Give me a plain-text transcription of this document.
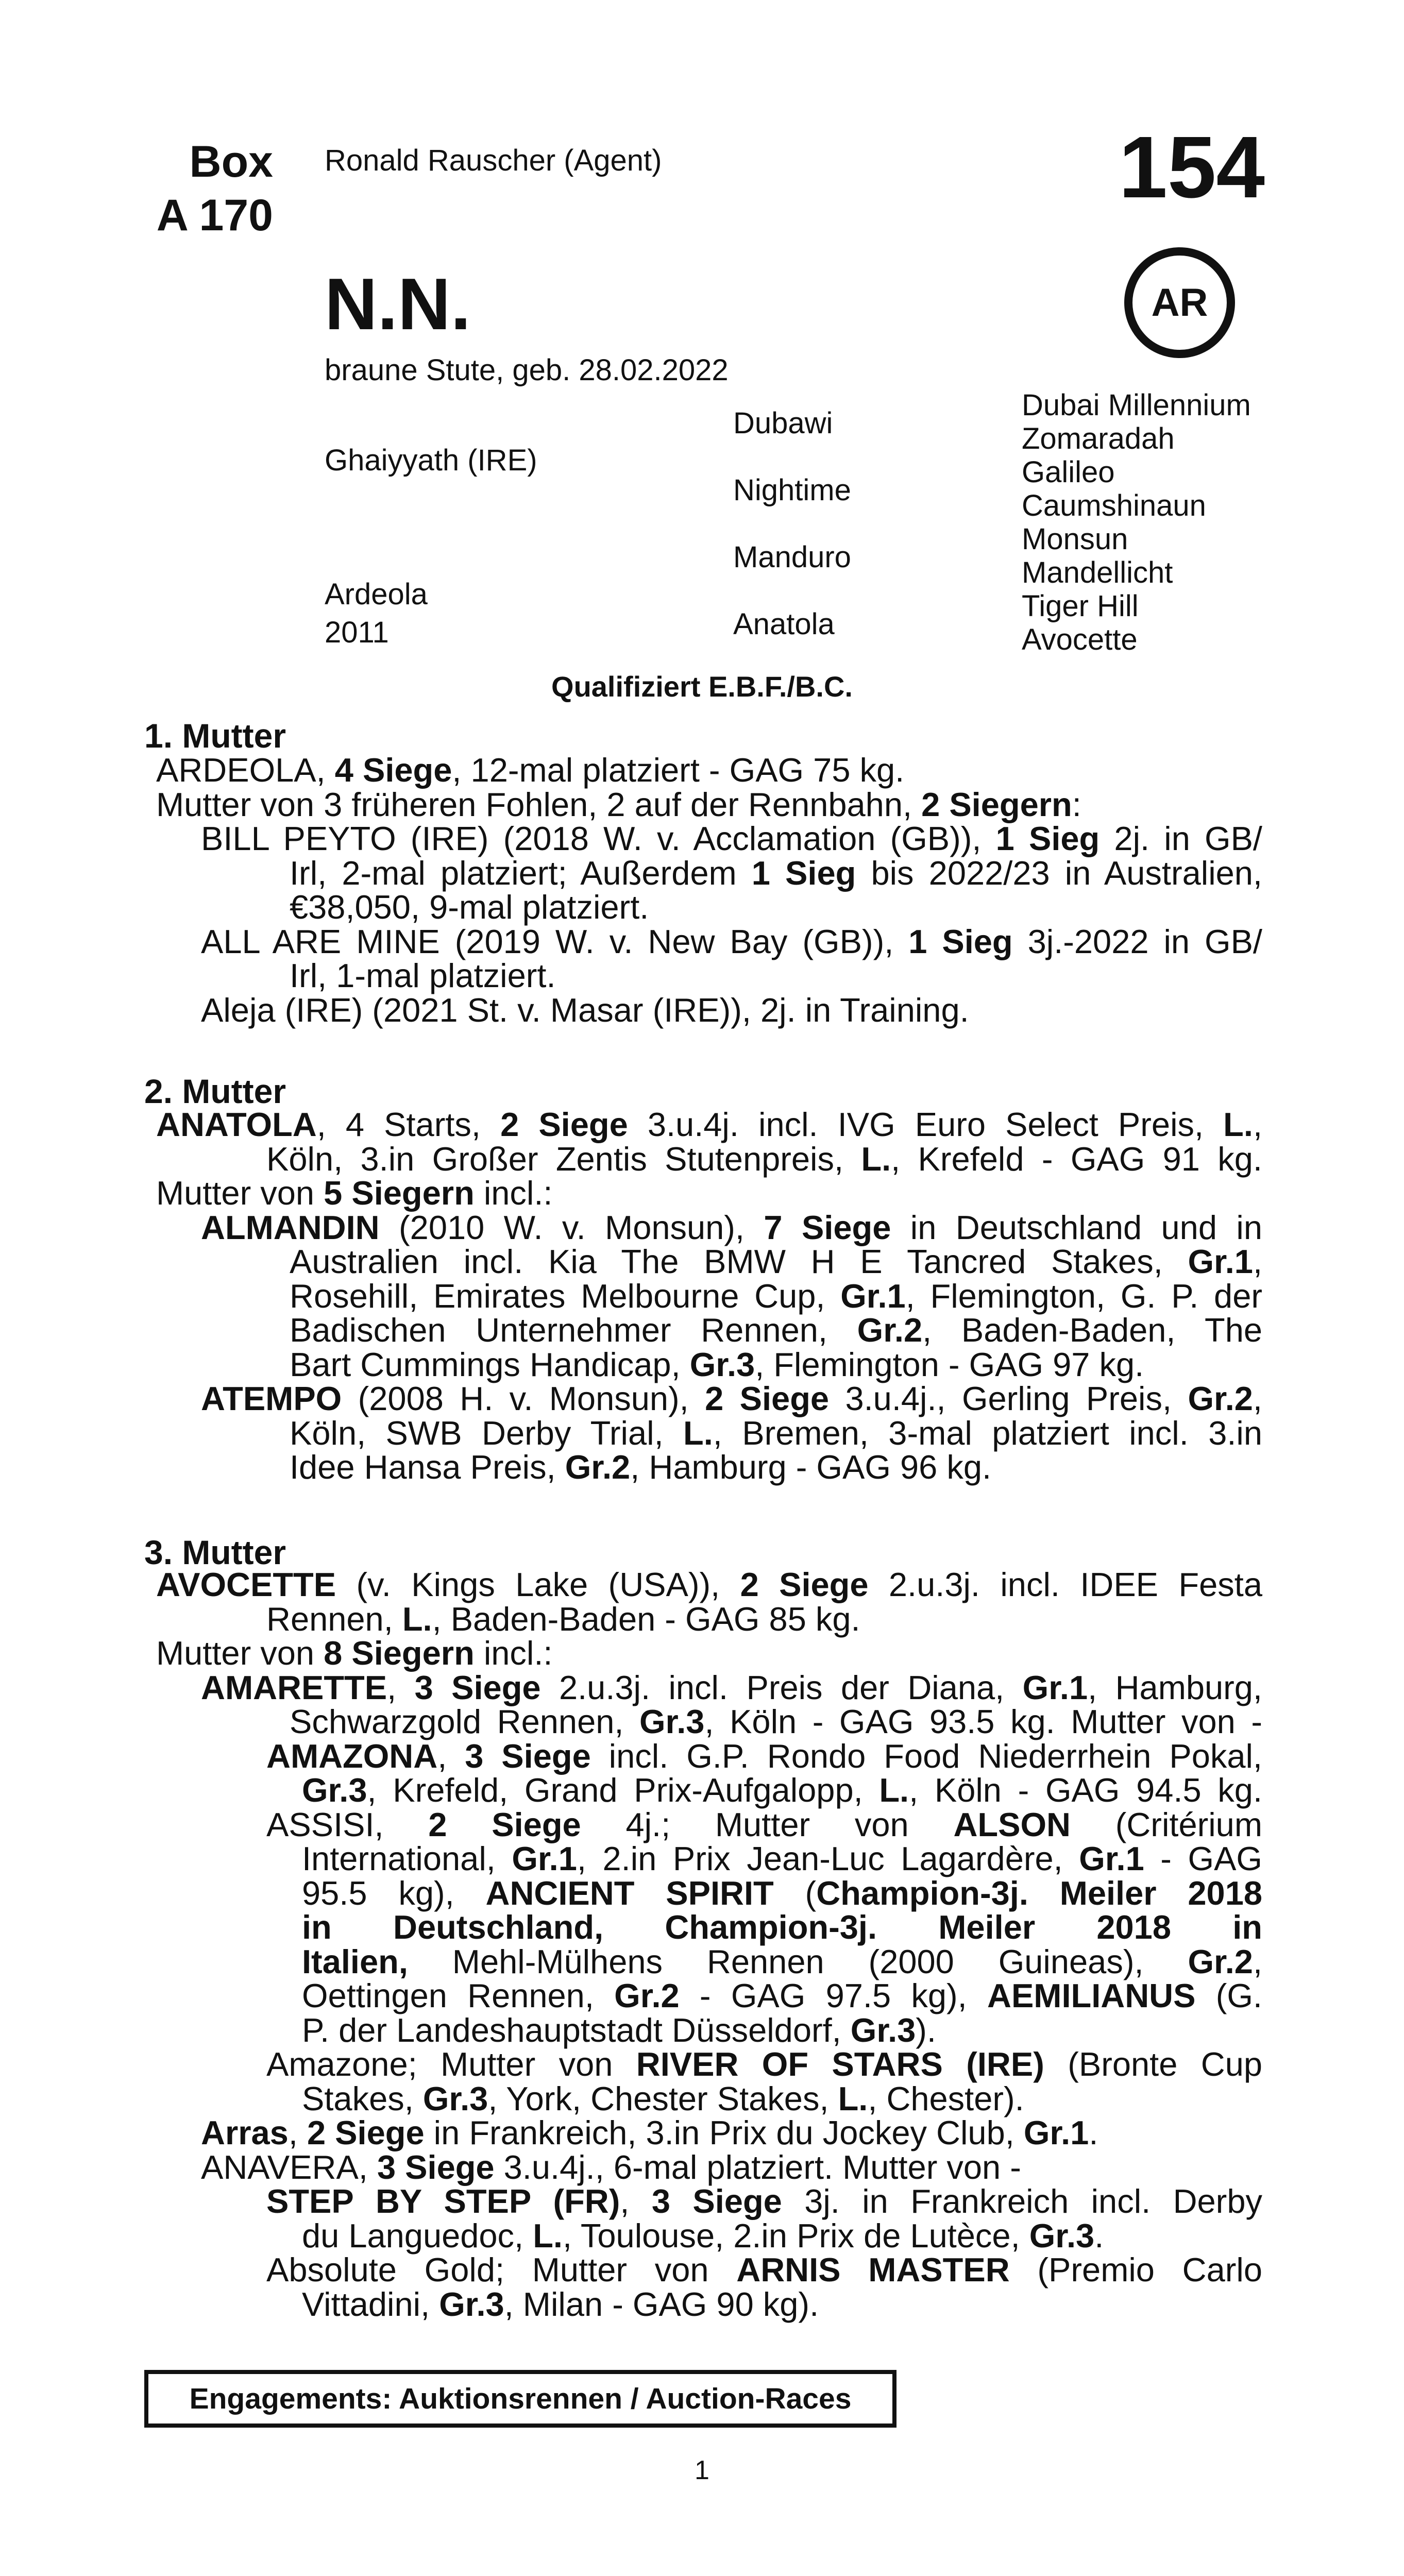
Box
A 170
Ronald Rauscher (Agent)	154
AR
N.N.
braune Stute, geb. 28.02.2022
Ghaiyyath (IRE)
Ardeola
2011
Dubawi
Nightime
Manduro
Anatola
Dubai Millennium
Zomaradah
Galileo
Caumshinaun
Monsun
Mandellicht
Tiger Hill
Avocette
Qualifiziert E.B.F./B.C.
1. Mutter
ARDEOLA, 4 Siege, 12-mal platziert - GAG 75 kg.
Mutter von 3 früheren Fohlen, 2 auf der Rennbahn, 2 Siegern:
BILL PEYTO (IRE) (2018 W. v. Acclamation (GB)), 1 Sieg 2j. in GB/
Irl, 2-mal platziert; Außerdem 1 Sieg bis 2022/23 in Australien,
€38,050, 9-mal platziert.
ALL ARE MINE (2019 W. v. New Bay (GB)), 1 Sieg 3j.-2022 in GB/
Irl, 1-mal platziert.
Aleja (IRE) (2021 St. v. Masar (IRE)), 2j. in Training.
2. Mutter
ANATOLA, 4 Starts, 2 Siege 3.u.4j. incl. IVG Euro Select Preis, L.,
Köln, 3.in Großer Zentis Stutenpreis, L., Krefeld - GAG 91 kg.
Mutter von 5 Siegern incl.:
ALMANDIN (2010 W. v. Monsun), 7 Siege in Deutschland und in
Australien incl. Kia The BMW H E Tancred Stakes, Gr.1,
Rosehill, Emirates Melbourne Cup, Gr.1, Flemington, G. P. der
Badischen Unternehmer Rennen, Gr.2, Baden-Baden, The
Bart Cummings Handicap, Gr.3, Flemington - GAG 97 kg.
ATEMPO (2008 H. v. Monsun), 2 Siege 3.u.4j., Gerling Preis, Gr.2,
Köln, SWB Derby Trial, L., Bremen, 3-mal platziert incl. 3.in
Idee Hansa Preis, Gr.2, Hamburg - GAG 96 kg.
3. Mutter
AVOCETTE (v. Kings Lake (USA)), 2 Siege 2.u.3j. incl. IDEE Festa
Rennen, L., Baden-Baden - GAG 85 kg.
Mutter von 8 Siegern incl.:
AMARETTE, 3 Siege 2.u.3j. incl. Preis der Diana, Gr.1, Hamburg,
Schwarzgold Rennen, Gr.3, Köln - GAG 93.5 kg. Mutter von -
AMAZONA, 3 Siege incl. G.P. Rondo Food Niederrhein Pokal,
Gr.3, Krefeld, Grand Prix-Aufgalopp, L., Köln - GAG 94.5 kg.
ASSISI, 2 Siege 4j.; Mutter von ALSON (Critérium
International, Gr.1, 2.in Prix Jean-Luc Lagardère, Gr.1 - GAG
95.5 kg), ANCIENT SPIRIT (Champion-3j. Meiler 2018
in Deutschland, Champion-3j. Meiler 2018 in
Italien, Mehl-Mülhens Rennen (2000 Guineas), Gr.2,
Oettingen Rennen, Gr.2 - GAG 97.5 kg), AEMILIANUS (G.
P. der Landeshauptstadt Düsseldorf, Gr.3).
Amazone; Mutter von RIVER OF STARS (IRE) (Bronte Cup
Stakes, Gr.3, York, Chester Stakes, L., Chester).
Arras, 2 Siege in Frankreich, 3.in Prix du Jockey Club, Gr.1.
ANAVERA, 3 Siege 3.u.4j., 6-mal platziert. Mutter von -
STEP BY STEP (FR), 3 Siege 3j. in Frankreich incl. Derby
du Languedoc, L., Toulouse, 2.in Prix de Lutèce, Gr.3.
Absolute Gold; Mutter von ARNIS MASTER (Premio Carlo
Vittadini, Gr.3, Milan - GAG 90 kg).
Engagements: Auktionsrennen / Auction-Races
1
